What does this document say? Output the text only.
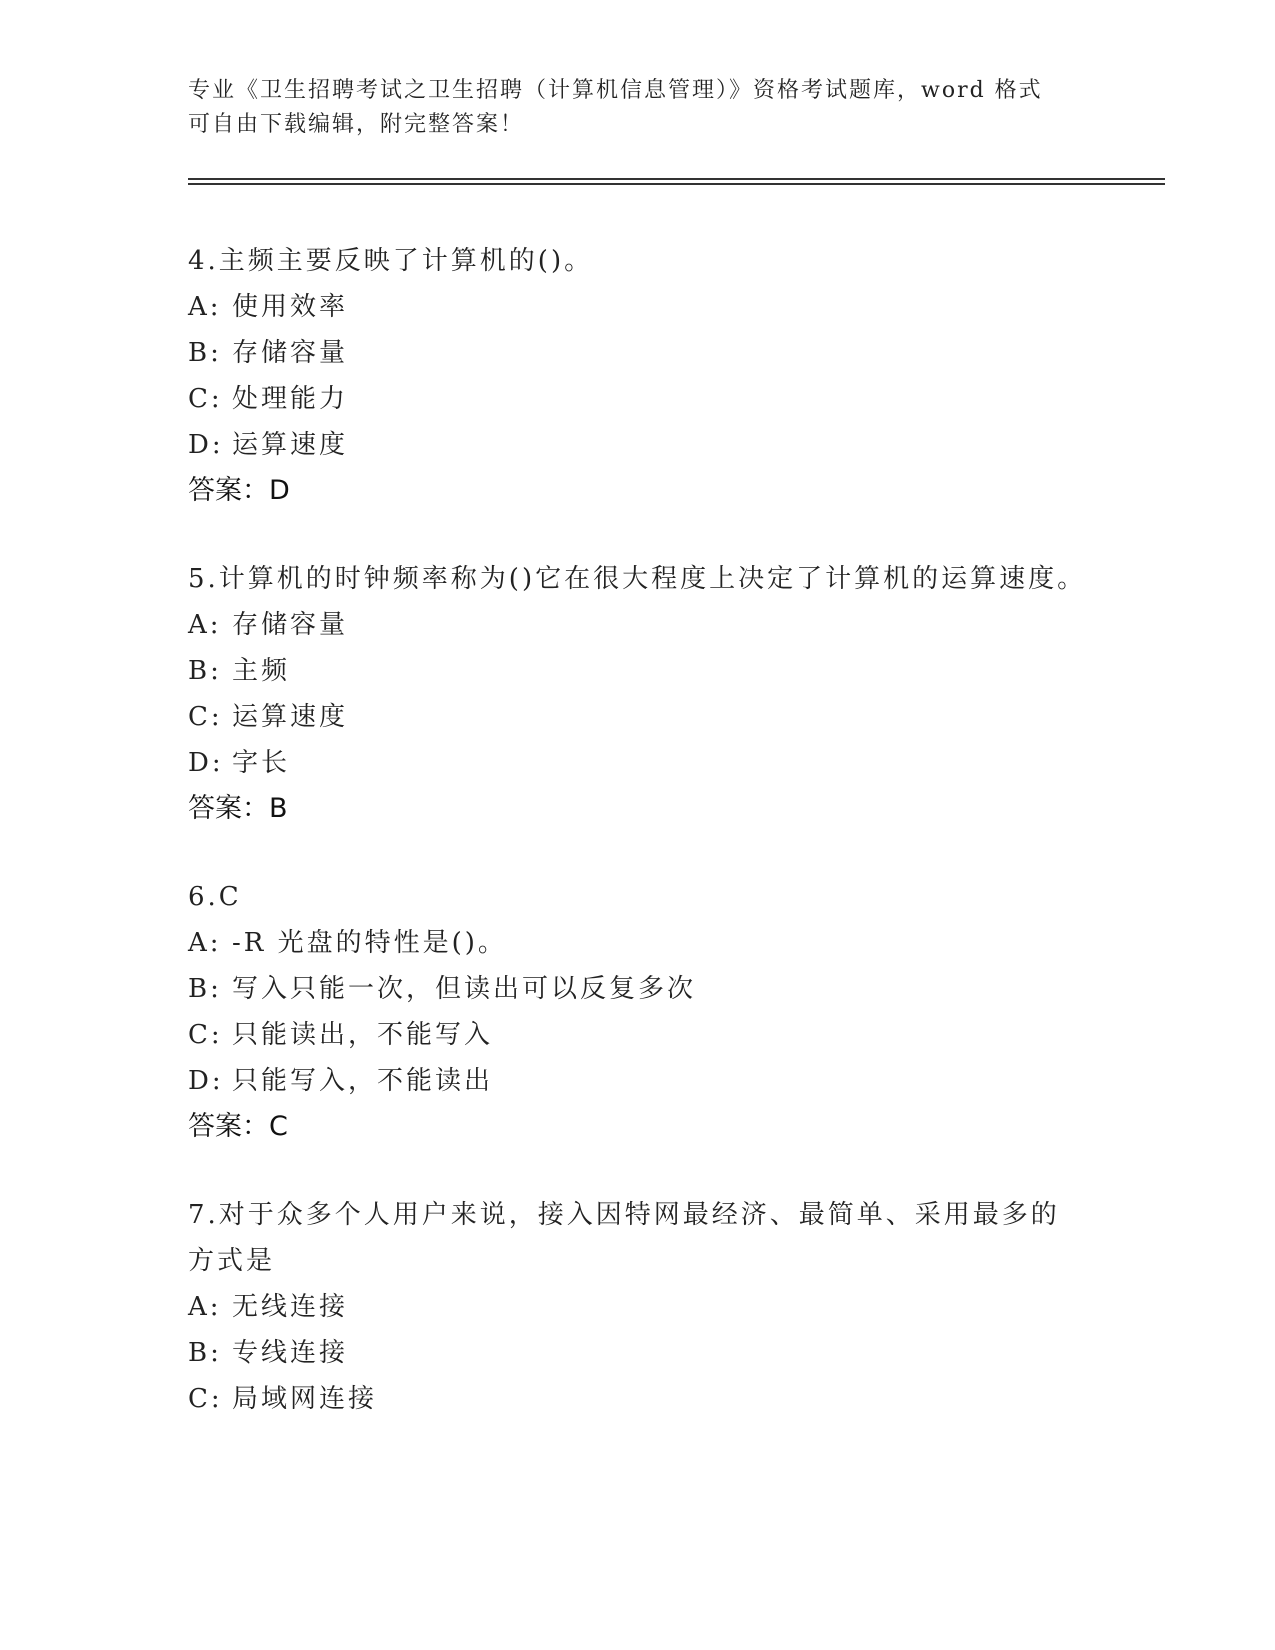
专业《卫生招聘考试之卫生招聘（计算机信息管理）》资格考试题库，word 格式
可自由下载编辑，附完整答案！
4.主频主要反映了计算机的()。
A: 使用效率
B: 存储容量
C: 处理能力
D: 运算速度
答案：D
5.计算机的时钟频率称为()它在很大程度上决定了计算机的运算速度。
A: 存储容量
B: 主频
C: 运算速度
D: 字长
答案：B
6.C
A: -R 光盘的特性是()。
B: 写入只能一次，但读出可以反复多次
C: 只能读出，不能写入
D: 只能写入，不能读出
答案：C
7.对于众多个人用户来说，接入因特网最经济、最简单、采用最多的方式是
A: 无线连接
B: 专线连接
C: 局域网连接
